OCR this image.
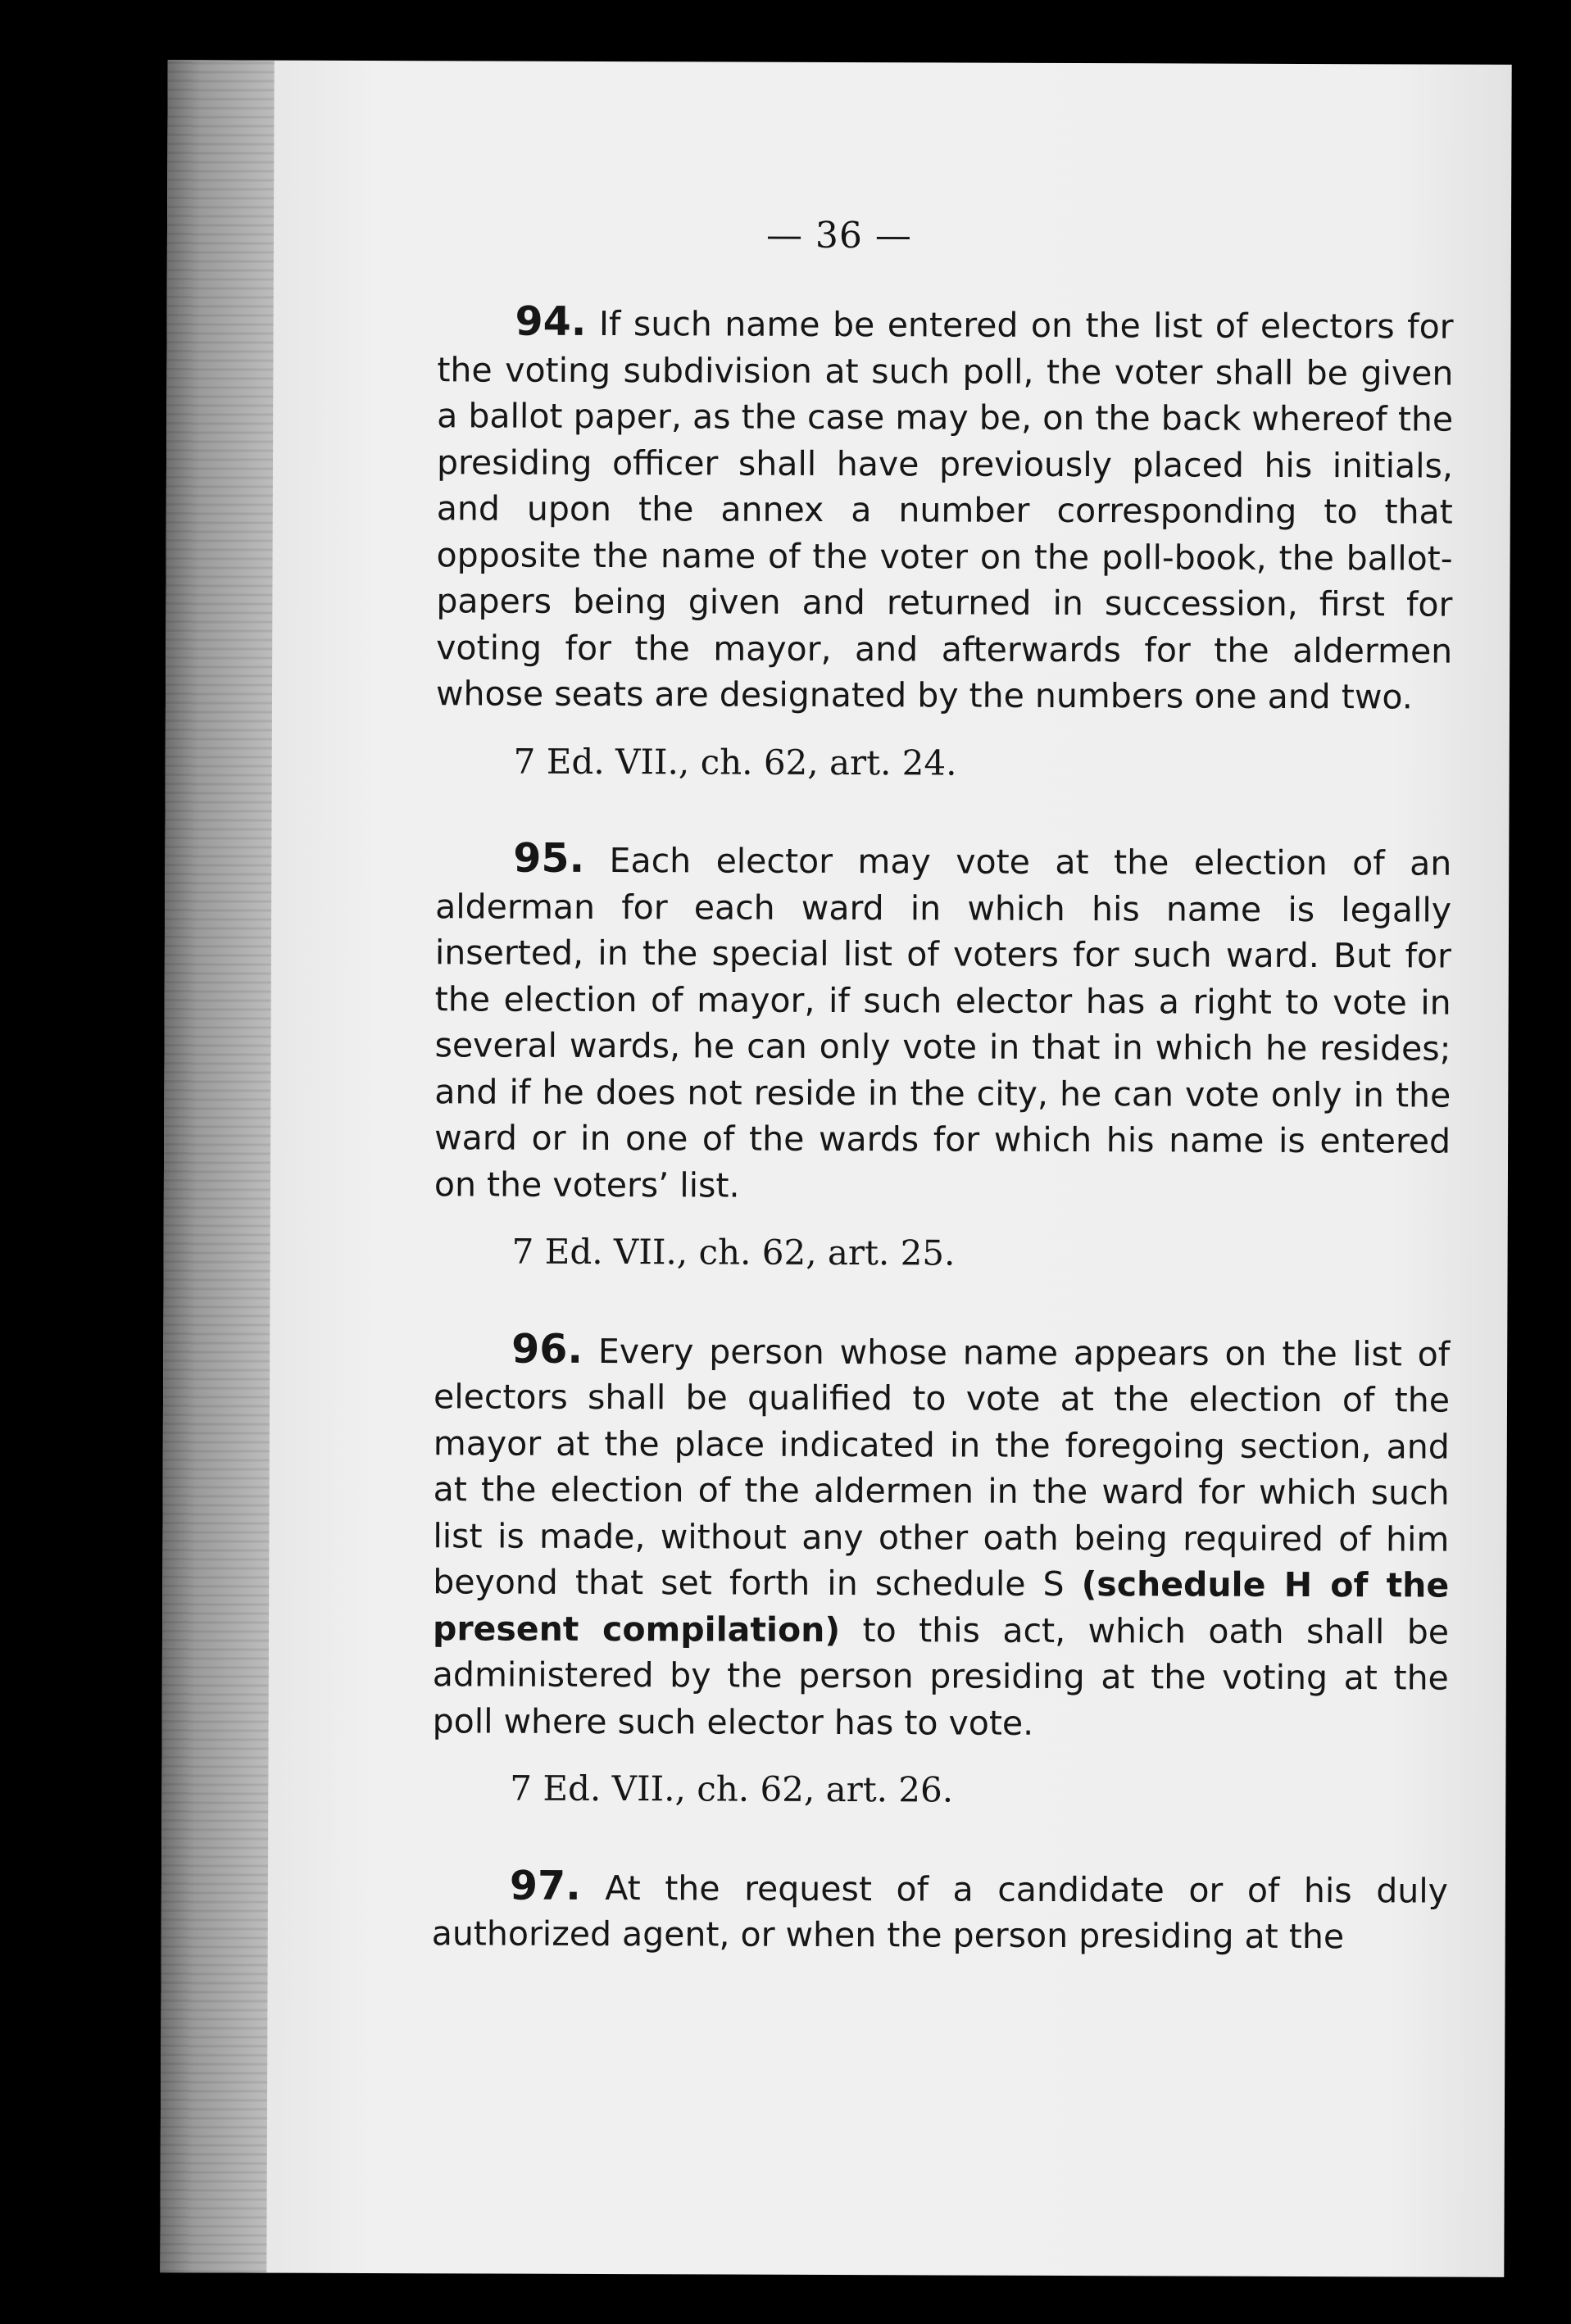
— 36 —

94. If such name be entered on the list of electors for the voting subdivision at such poll, the voter shall be given a ballot paper, as the case may be, on the back whereof the presiding officer shall have previously placed his initials, and upon the annex a number corresponding to that opposite the name of the voter on the poll-book, the ballot-papers being given and returned in succession, first for voting for the mayor, and afterwards for the aldermen whose seats are designated by the numbers one and two.

7 Ed. VII., ch. 62, art. 24.

95. Each elector may vote at the election of an alderman for each ward in which his name is legally inserted, in the special list of voters for such ward. But for the election of mayor, if such elector has a right to vote in several wards, he can only vote in that in which he resides; and if he does not reside in the city, he can vote only in the ward or in one of the wards for which his name is entered on the voters’ list.

7 Ed. VII., ch. 62, art. 25.

96. Every person whose name appears on the list of electors shall be qualified to vote at the election of the mayor at the place indicated in the foregoing section, and at the election of the aldermen in the ward for which such list is made, without any other oath being required of him beyond that set forth in schedule S (schedule H of the present compilation) to this act, which oath shall be administered by the person presiding at the voting at the poll where such elector has to vote.

7 Ed. VII., ch. 62, art. 26.

97. At the request of a candidate or of his duly authorized agent, or when the person presiding at the
